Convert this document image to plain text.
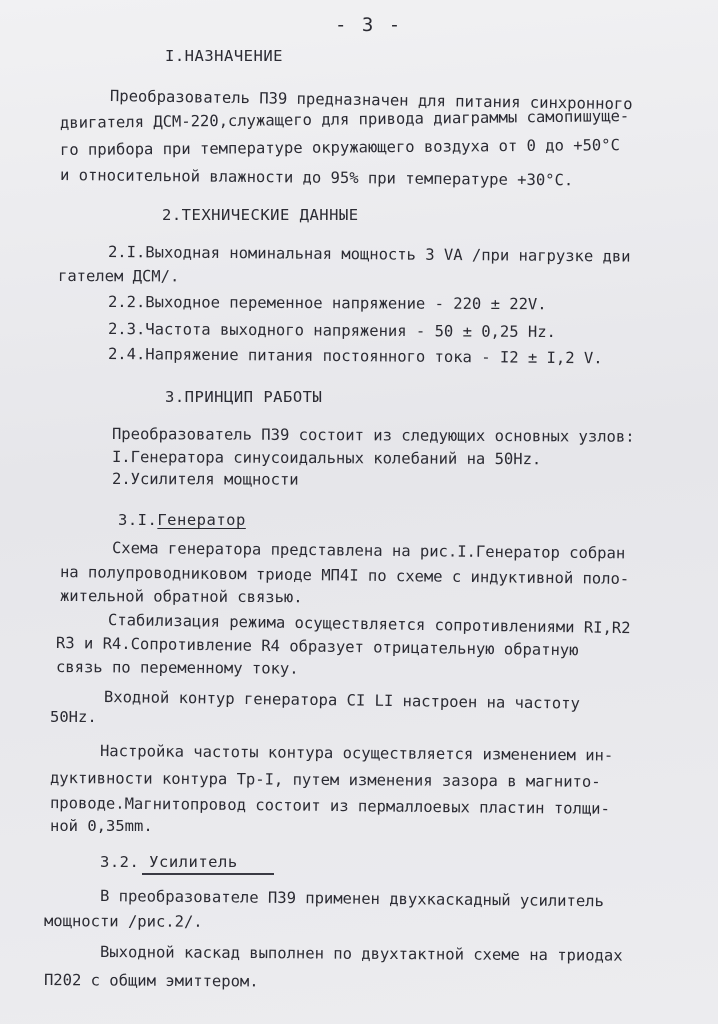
- 3 -
I.НАЗНАЧЕНИЕ
Преобразователь П39 предназначен для питания синхронного
двигателя ДСМ-220,служащего для привода диаграммы самопишуще-
го прибора при температуре окружающего воздуха от 0 до +50°C
и относительной влажности до 95% при температуре +30°C.
2.ТЕХНИЧЕСКИЕ ДАННЫЕ
2.I.Выходная номинальная мощность 3 VA /при нагрузке дви
гателем ДСМ/.
2.2.Выходное переменное напряжение - 220 ± 22V.
2.3.Частота выходного напряжения - 50 ± 0,25 Hz.
2.4.Напряжение питания постоянного тока - I2 ± I,2 V.
3.ПРИНЦИП РАБОТЫ
Преобразователь П39 состоит из следующих основных узлов:
I.Генератора синусоидальных колебаний на 50Hz.
2.Усилителя мощности
3.I.Генератор
Схема генератора представлена на рис.I.Генератор собран
на полупроводниковом триоде МП4I по схеме с индуктивной поло-
жительной обратной связью.
Стабилизация режима осуществляется сопротивлениями RI,R2
R3 и R4.Сопротивление R4 образует отрицательную обратную
связь по переменному току.
Входной контур генератора CI LI настроен на частоту
50Hz.
Настройка частоты контура осуществляется изменением ин-
дуктивности контура Тр-I, путем изменения зазора в магнито-
проводе.Магнитопровод состоит из пермаллоевых пластин толщи-
ной 0,35mm.
3.2. Усилитель
В преобразователе П39 применен двухкаскадный усилитель
мощности /рис.2/.
Выходной каскад выполнен по двухтактной схеме на триодах
П202 с общим эмиттером.
